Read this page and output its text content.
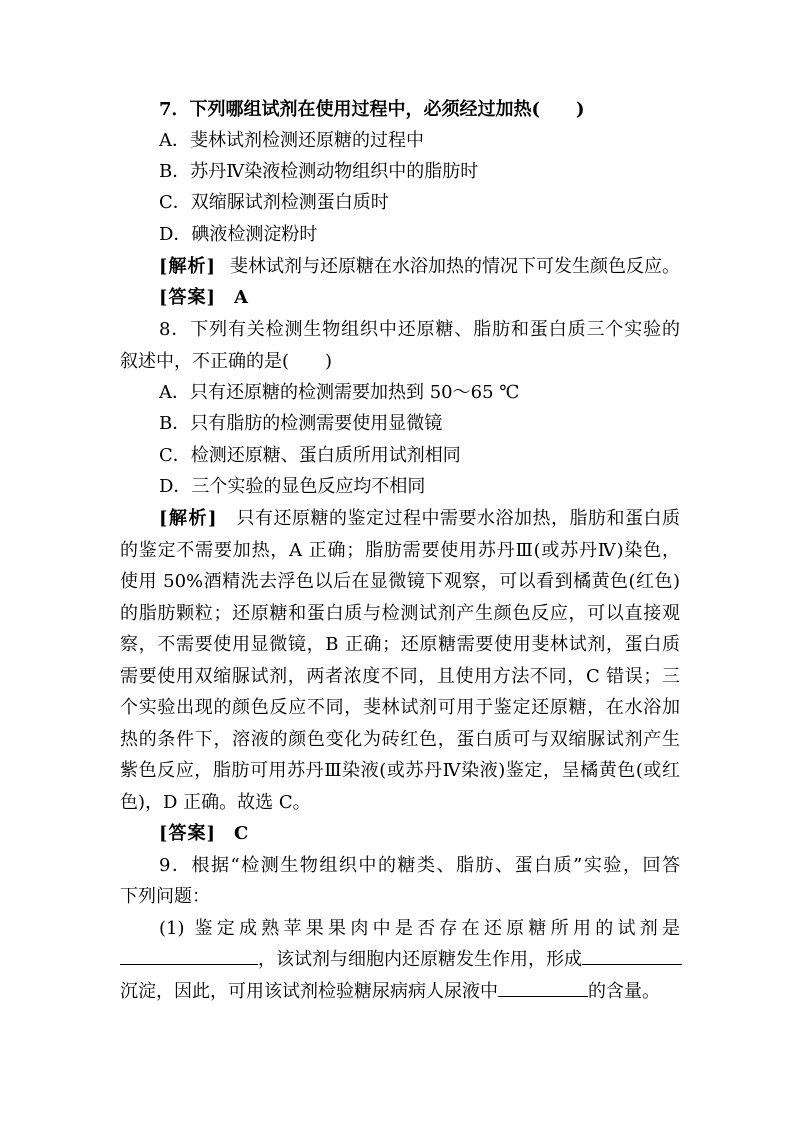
7．下列哪组试剂在使用过程中，必须经过加热(　　)
A．斐林试剂检测还原糖的过程中
B．苏丹Ⅳ染液检测动物组织中的脂肪时
C．双缩脲试剂检测蛋白质时
D．碘液检测淀粉时
[解析] 斐林试剂与还原糖在水浴加热的情况下可发生颜色反应。
[答案] A
8．下列有关检测生物组织中还原糖、脂肪和蛋白质三个实验的
叙述中，不正确的是(　　)
A．只有还原糖的检测需要加热到 50～65 ℃
B．只有脂肪的检测需要使用显微镜
C．检测还原糖、蛋白质所用试剂相同
D．三个实验的显色反应均不相同
[解析]　 只有还原糖的鉴定过程中需要水浴加热，脂肪和蛋白质
的鉴定不需要加热，A 正确；脂肪需要使用苏丹Ⅲ(或苏丹Ⅳ)染色，
使用 50%酒精洗去浮色以后在显微镜下观察，可以看到橘黄色(红色)
的脂肪颗粒；还原糖和蛋白质与检测试剂产生颜色反应，可以直接观
察，不需要使用显微镜，B 正确；还原糖需要使用斐林试剂，蛋白质
需要使用双缩脲试剂，两者浓度不同，且使用方法不同，C 错误；三
个实验出现的颜色反应不同，斐林试剂可用于鉴定还原糖，在水浴加
热的条件下，溶液的颜色变化为砖红色，蛋白质可与双缩脲试剂产生
紫色反应，脂肪可用苏丹Ⅲ染液(或苏丹Ⅳ染液)鉴定，呈橘黄色(或红
色)，D 正确。故选 C。
[答案] C
9．根据“检测生物组织中的糖类、脂肪、蛋白质”实验，回答
下列问题：
(1) 鉴定成熟苹果果肉中是否存在还原糖所用的试剂是
，该试剂与细胞内还原糖发生作用，形成
沉淀，因此，可用该试剂检验糖尿病病人尿液中	的含量。
